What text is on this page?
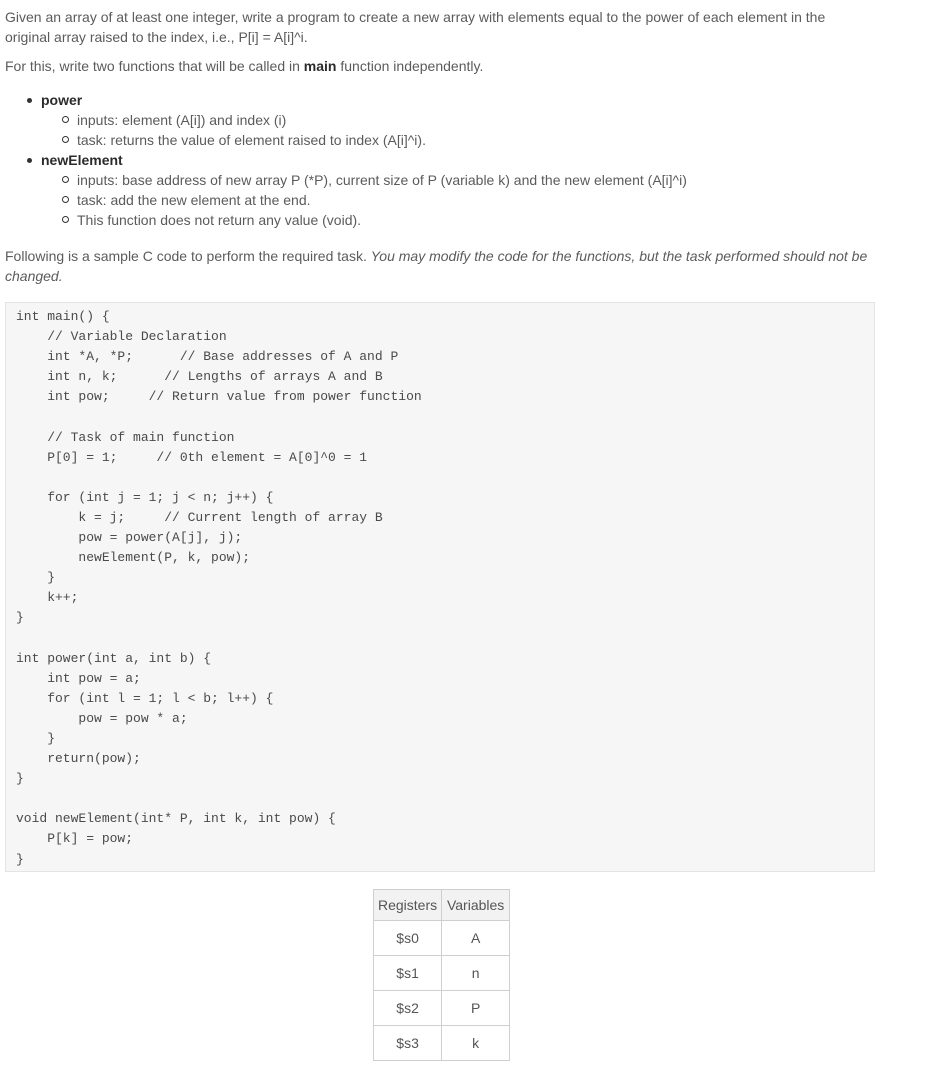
Given an array of at least one integer, write a program to create a new array with elements equal to the power of each element in the original array raised to the index, i.e., P[i] = A[i]^i.

For this, write two functions that will be called in main function independently.

power
inputs: element (A[i]) and index (i)
task: returns the value of element raised to index (A[i]^i).
newElement
inputs: base address of new array P (*P), current size of P (variable k) and the new element (A[i]^i)
task: add the new element at the end.
This function does not return any value (void).

Following is a sample C code to perform the required task. You may modify the code for the functions, but the task performed should not be changed.

int main() {
// Variable Declaration
int *A, *P;      // Base addresses of A and P
int n, k;      // Lengths of arrays A and B
int pow;     // Return value from power function

// Task of main function
P[0] = 1;     // 0th element = A[0]^0 = 1

for (int j = 1; j < n; j++) {
k = j;     // Current length of array B
pow = power(A[j], j);
newElement(P, k, pow);
}
k++;
}

int power(int a, int b) {
int pow = a;
for (int l = 1; l < b; l++) {
pow = pow * a;
}
return(pow);
}

void newElement(int* P, int k, int pow) {
P[k] = pow;
}
Registers	Variables
$s0	A
$s1	n
$s2	P
$s3	k
